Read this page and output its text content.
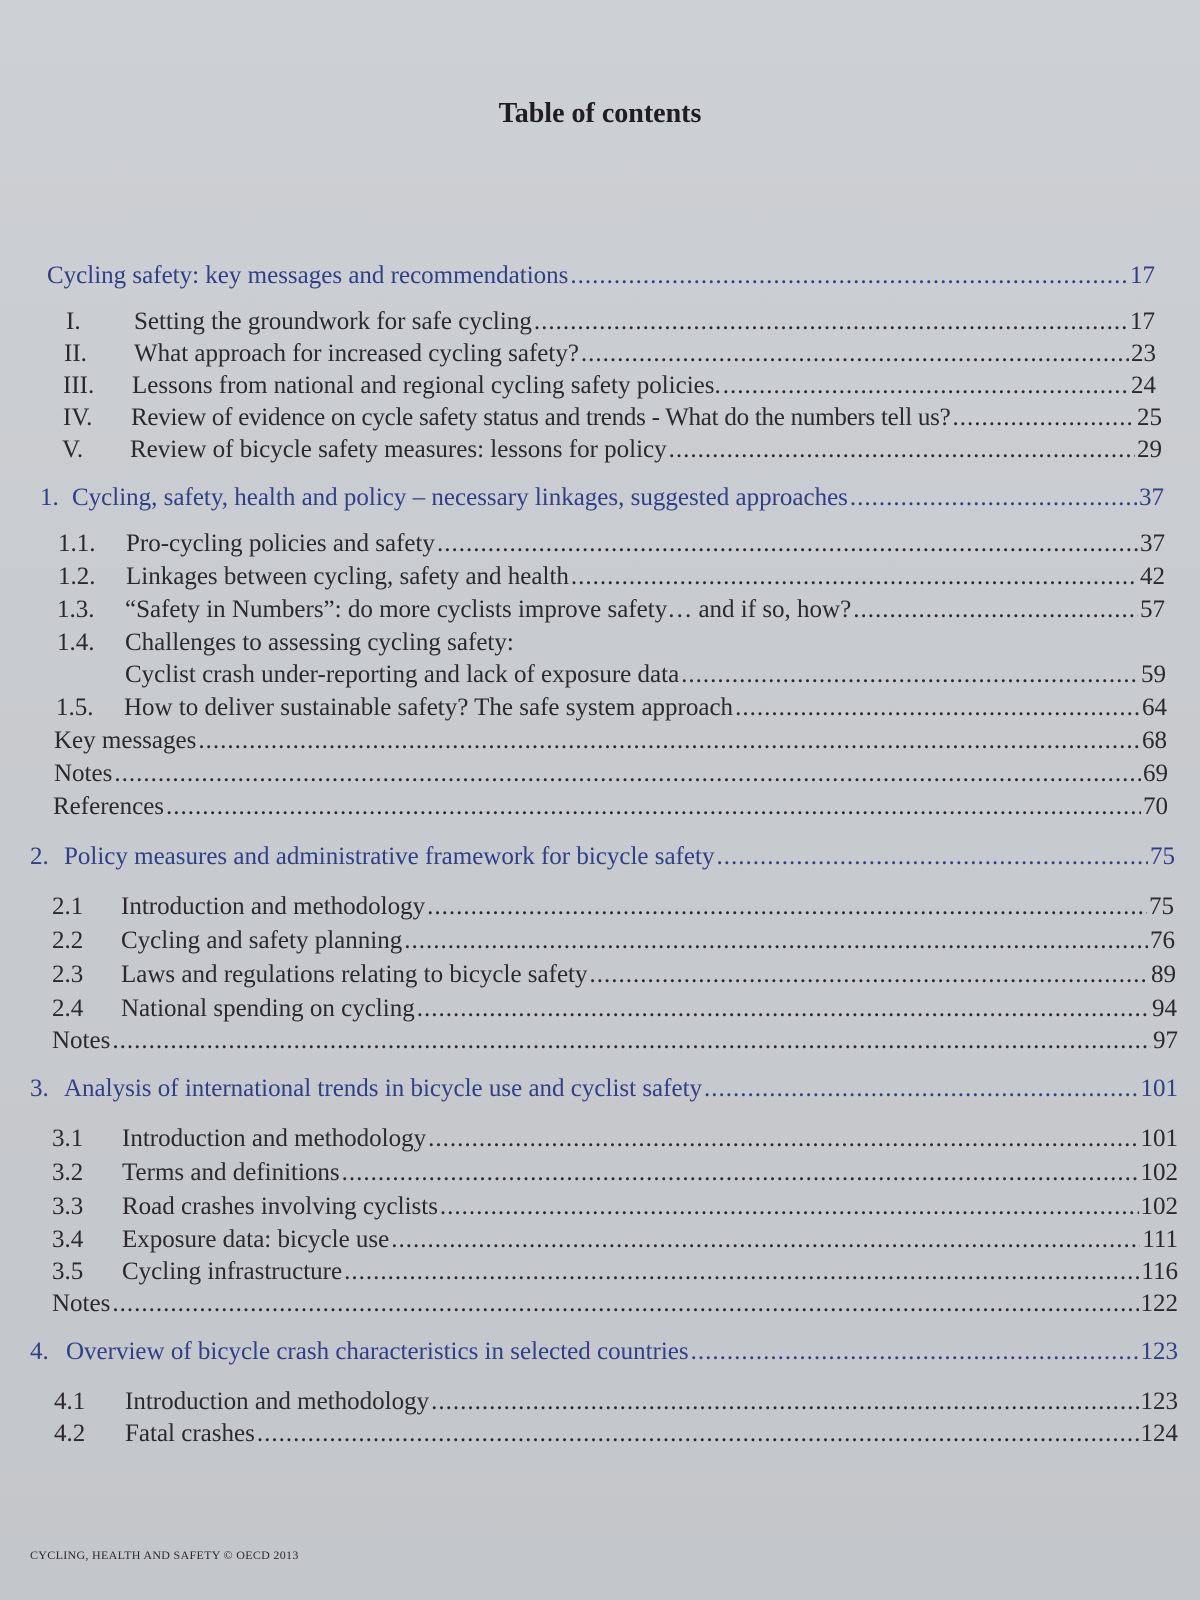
Table of contents
Cycling safety: key messages and recommendations .....	17
I.	Setting the groundwork for safe cycling .....	17
II.	What approach for increased cycling safety? .....	23
III.	Lessons from national and regional cycling safety policies. .....	24
IV.	Review of evidence on cycle safety status and trends - What do the numbers tell us? .....	25
V.	Review of bicycle safety measures: lessons for policy .....	29
1. Cycling, safety, health and policy – necessary linkages, suggested approaches .....	37
1.1.	Pro-cycling policies and safety .....	37
1.2.	Linkages between cycling, safety and health .....	42
1.3.	“Safety in Numbers”: do more cyclists improve safety… and if so, how? .....	57
1.4.	Challenges to assessing cycling safety:
Cyclist crash under-reporting and lack of exposure data .....	59
1.5.	How to deliver sustainable safety? The safe system approach .....	64
Key messages .....	68
Notes .....	69
References .....	70
2. Policy measures and administrative framework for bicycle safety .....	75
2.1	Introduction and methodology .....	75
2.2	Cycling and safety planning .....	76
2.3	Laws and regulations relating to bicycle safety .....	89
2.4	National spending on cycling .....	94
Notes .....	97
3. Analysis of international trends in bicycle use and cyclist safety .....	101
3.1	Introduction and methodology .....	101
3.2	Terms and definitions .....	102
3.3	Road crashes involving cyclists .....	102
3.4	Exposure data: bicycle use .....	111
3.5	Cycling infrastructure .....	116
Notes .....	122
4. Overview of bicycle crash characteristics in selected countries .....	123
4.1	Introduction and methodology .....	123
4.2	Fatal crashes .....	124
CYCLING, HEALTH AND SAFETY © OECD 2013
